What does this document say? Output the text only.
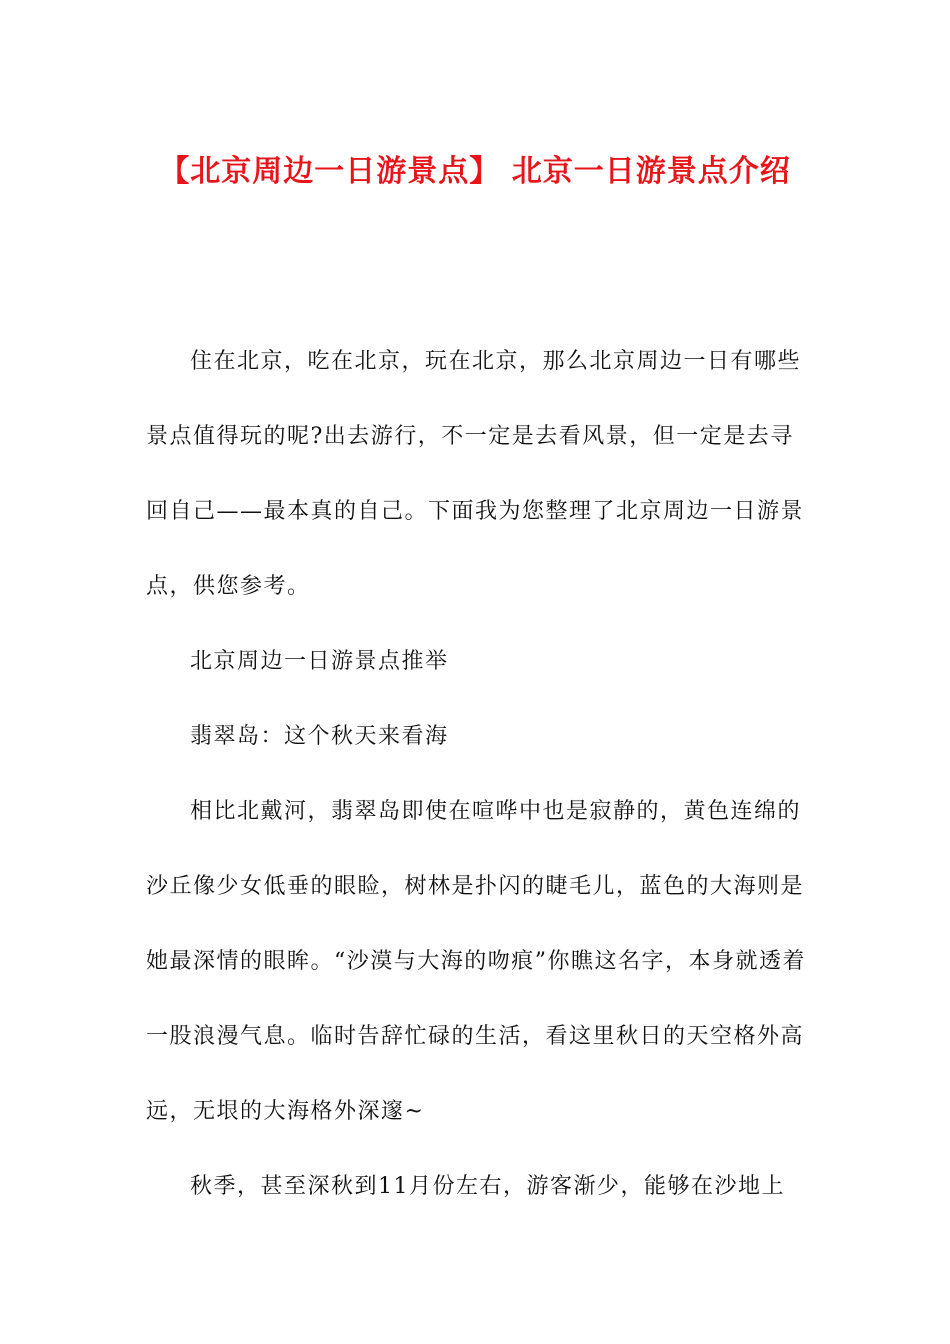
【北京周边一日游景点】 北京一日游景点介绍

住在北京，吃在北京，玩在北京，那么北京周边一日有哪些景点值得玩的呢?出去游行，不一定是去看风景，但一定是去寻回自己——最本真的自己。下面我为您整理了北京周边一日游景点，供您参考。

北京周边一日游景点推举

翡翠岛：这个秋天来看海

相比北戴河，翡翠岛即使在喧哗中也是寂静的，黄色连绵的沙丘像少女低垂的眼睑，树林是扑闪的睫毛儿，蓝色的大海则是她最深情的眼眸。“沙漠与大海的吻痕”你瞧这名字，本身就透着一股浪漫气息。临时告辞忙碌的生活，看这里秋日的天空格外高远，无垠的大海格外深邃~

秋季，甚至深秋到11月份左右，游客渐少，能够在沙地上
